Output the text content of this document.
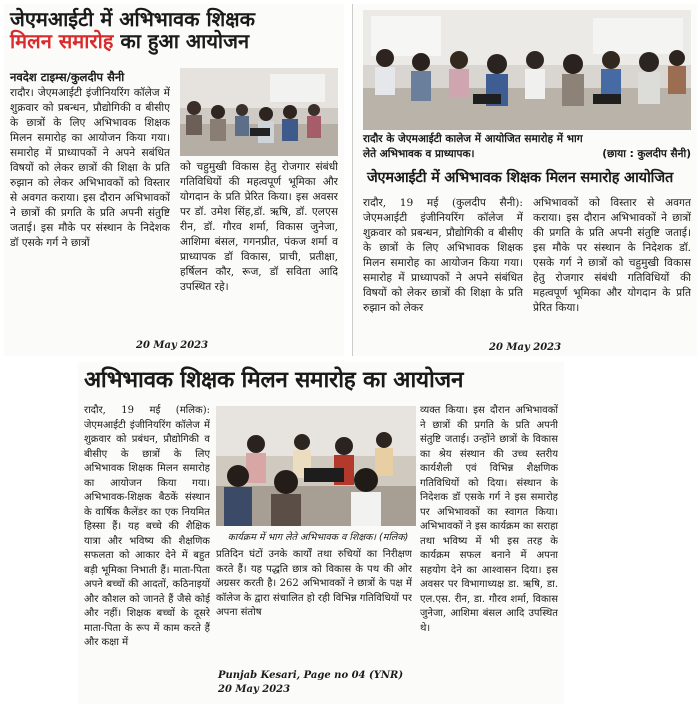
जेएमआईटी में अभिभावक शिक्षक
मिलन समारोह का हुआ आयोजन
नवदेश टाइम्स/कुलदीप सैनी

रादौर। जेएमआईटी इंजीनियरिंग कॉलेज में शुक्रवार को प्रबन्धन, प्रौद्योगिकी व बीसीए के छात्रों के लिए अभिभावक शिक्षक मिलन समारोह का आयोजन किया गया। समारोह में प्राध्यापकों ने अपने सबंधित विषयों को लेकर छात्रों की शिक्षा के प्रति रुझान को लेकर अभिभावकों को विस्तार से अवगत कराया। इस दौरान अभिभावकों ने छात्रों की प्रगति के प्रति अपनी संतुष्टि जताई। इस मौके पर संस्थान के निदेशक डॉ एसके गर्ग ने छात्रों

को चहुमुखी विकास हेतु रोजगार संबंधी गतिविधियों की महत्वपूर्ण भूमिका और योगदान के प्रति प्रेरित किया। इस अवसर पर डॉ. उमेश सिंह,डॉ. ऋषि, डॉ. एलएस रीन, डॉ. गौरव शर्मा, विकास जुनेजा, आशिमा बंसल, गगनप्रीत, पंकज शर्मा व प्राध्यापक डॉ विकास, प्राची, प्रतीक्षा, हर्षिलन कौर, रूज, डॉ सविता आदि उपस्थित रहे।

20 May 2023
रादौर के जेएमआईटी कालेज में आयोजित समारोह में भाग
लेते अभिभावक व प्राध्यापक।	(छाया : कुलदीप सैनी)
जेएमआईटी में अभिभावक शिक्षक मिलन समारोह आयोजित

रादौर, 19 मई (कुलदीप सैनी): जेएमआईटी इंजीनियरिंग कॉलेज में शुक्रवार को प्रबन्धन, प्रौद्योगिकी व बीसीए के छात्रों के लिए अभिभावक शिक्षक मिलन समारोह का आयोजन किया गया। समारोह में प्राध्यापकों ने अपने संबंधित विषयों को लेकर छात्रों की शिक्षा के प्रति रुझान को लेकर

अभिभावकों को विस्तार से अवगत कराया। इस दौरान अभिभावकों ने छात्रों की प्रगति के प्रति अपनी संतुष्टि जताई। इस मौके पर संस्थान के निदेशक डॉ. एसके गर्ग ने छात्रों को चहुमुखी विकास हेतु रोजगार संबंधी गतिविधियों की महत्वपूर्ण भूमिका और योगदान के प्रति प्रेरित किया।

20 May 2023
अभिभावक शिक्षक मिलन समारोह का आयोजन

रादौर, 19 मई (मलिक): जेएमआईटी इंजीनियरिंग कॉलेज में शुक्रवार को प्रबंधन, प्रौद्योगिकी व बीसीए के छात्रों के लिए अभिभावक शिक्षक मिलन समारोह का आयोजन किया गया। अभिभावक-शिक्षक बैठकें संस्थान के वार्षिक कैलेंडर का एक नियमित हिस्सा हैं। यह बच्चे की शैक्षिक यात्रा और भविष्य की शैक्षणिक सफलता को आकार देने में बहुत बड़ी भूमिका निभाती हैं। माता-पिता अपने बच्चों की आदतों, कठिनाइयों और कौशल को जानते हैं जैसे कोई और नहीं। शिक्षक बच्चों के दूसरे माता-पिता के रूप में काम करते हैं और कक्षा में

कार्यक्रम में भाग लेते अभिभावक व शिक्षक। (मलिक)

प्रतिदिन घंटों उनके कार्यों तथा रुचियों का निरीक्षण करते हैं। यह पद्धति छात्र को विकास के पथ की ओर अग्रसर करती है। 262 अभिभावकों ने छात्रों के पक्ष में कॉलेज के द्वारा संचालित हो रही विभिन्न गतिविधियों पर अपना संतोष

व्यक्त किया। इस दौरान अभिभावकों ने छात्रों की प्रगति के प्रति अपनी संतुष्टि जताई। उन्होंने छात्रों के विकास का श्रेय संस्थान की उच्च स्तरीय कार्यशैली एवं विभिन्न शैक्षणिक गतिविधियों को दिया। संस्थान के निदेशक डॉ एसके गर्ग ने इस समारोह पर अभिभावकों का स्वागत किया। अभिभावकों ने इस कार्यक्रम का सराहा तथा भविष्य में भी इस तरह के कार्यक्रम सफल बनाने में अपना सहयोग देने का आश्वासन दिया। इस अवसर पर विभागाध्यक्ष डा. ऋषि, डा. एल.एस. रीन, डा. गौरव शर्मा, विकास जुनेजा, आशिमा बंसल आदि उपस्थित थे।

Punjab Kesari, Page no 04 (YNR)
20 May 2023
